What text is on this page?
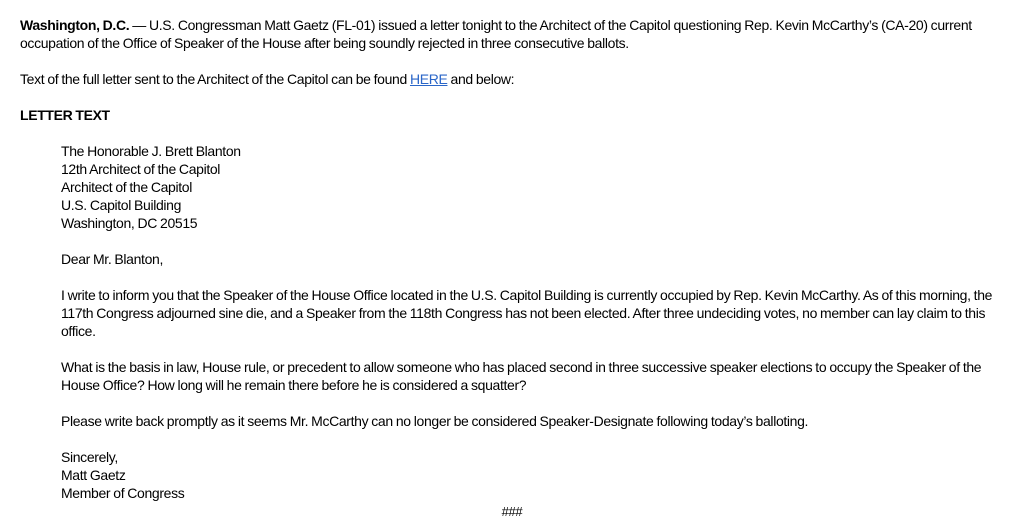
Washington, D.C. — U.S. Congressman Matt Gaetz (FL-01) issued a letter tonight to the Architect of the Capitol questioning Rep. Kevin McCarthy’s (CA-20) current occupation of the Office of Speaker of the House after being soundly rejected in three consecutive ballots.

Text of the full letter sent to the Architect of the Capitol can be found HERE and below:

LETTER TEXT

The Honorable J. Brett Blanton

12th Architect of the Capitol

Architect of the Capitol

U.S. Capitol Building

Washington, DC 20515

Dear Mr. Blanton,

I write to inform you that the Speaker of the House Office located in the U.S. Capitol Building is currently occupied by Rep. Kevin McCarthy. As of this morning, the 117th Congress adjourned sine die, and a Speaker from the 118th Congress has not been elected. After three undeciding votes, no member can lay claim to this office.

What is the basis in law, House rule, or precedent to allow someone who has placed second in three successive speaker elections to occupy the Speaker of the House Office? How long will he remain there before he is considered a squatter?

Please write back promptly as it seems Mr. McCarthy can no longer be considered Speaker-Designate following today’s balloting.

Sincerely,

Matt Gaetz

Member of Congress

###
